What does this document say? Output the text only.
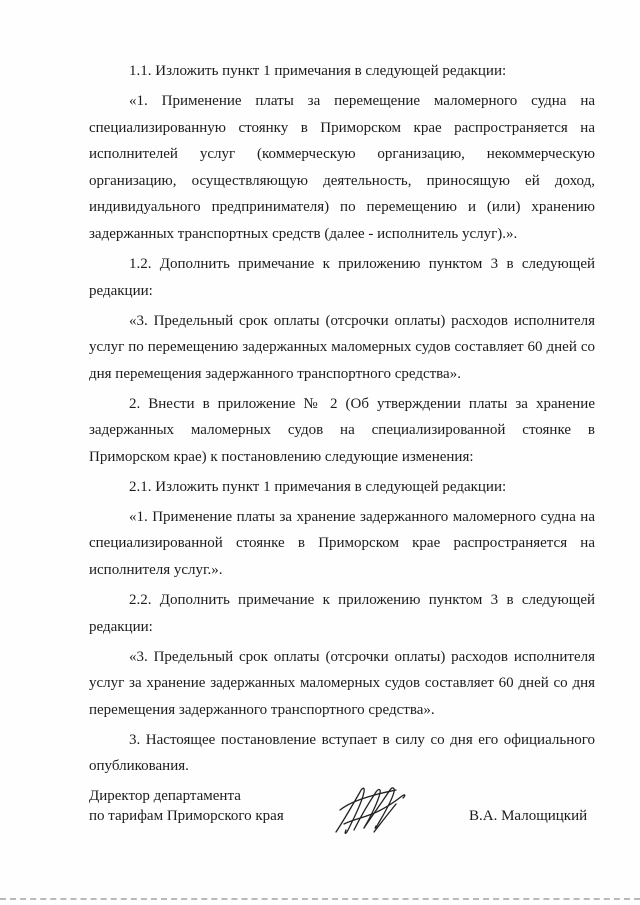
1.1. Изложить пункт 1 примечания в следующей редакции:

«1. Применение платы за перемещение маломерного судна на специализированную стоянку в Приморском крае распространяется на исполнителей услуг (коммерческую организацию, некоммерческую организацию, осуществляющую деятельность, приносящую ей доход, индивидуального предпринимателя) по перемещению и (или) хранению задержанных транспортных средств (далее - исполнитель услуг).».

1.2. Дополнить примечание к приложению пунктом 3 в следующей редакции:

«3. Предельный срок оплаты (отсрочки оплаты) расходов исполнителя услуг по перемещению задержанных маломерных судов составляет 60 дней со дня перемещения задержанного транспортного средства».

2. Внести в приложение № 2 (Об утверждении платы за хранение задержанных маломерных судов на специализированной стоянке в Приморском крае) к постановлению следующие изменения:

2.1. Изложить пункт 1 примечания в следующей редакции:

«1. Применение платы за хранение задержанного маломерного судна на специализированной стоянке в Приморском крае распространяется на исполнителя услуг.».

2.2. Дополнить примечание к приложению пунктом 3 в следующей редакции:

«3. Предельный срок оплаты (отсрочки оплаты) расходов исполнителя услуг за хранение задержанных маломерных судов составляет 60 дней со дня перемещения задержанного транспортного средства».

3. Настоящее постановление вступает в силу со дня его официального опубликования.

Директор департамента
по тарифам Приморского края	В.А. Малощицкий
